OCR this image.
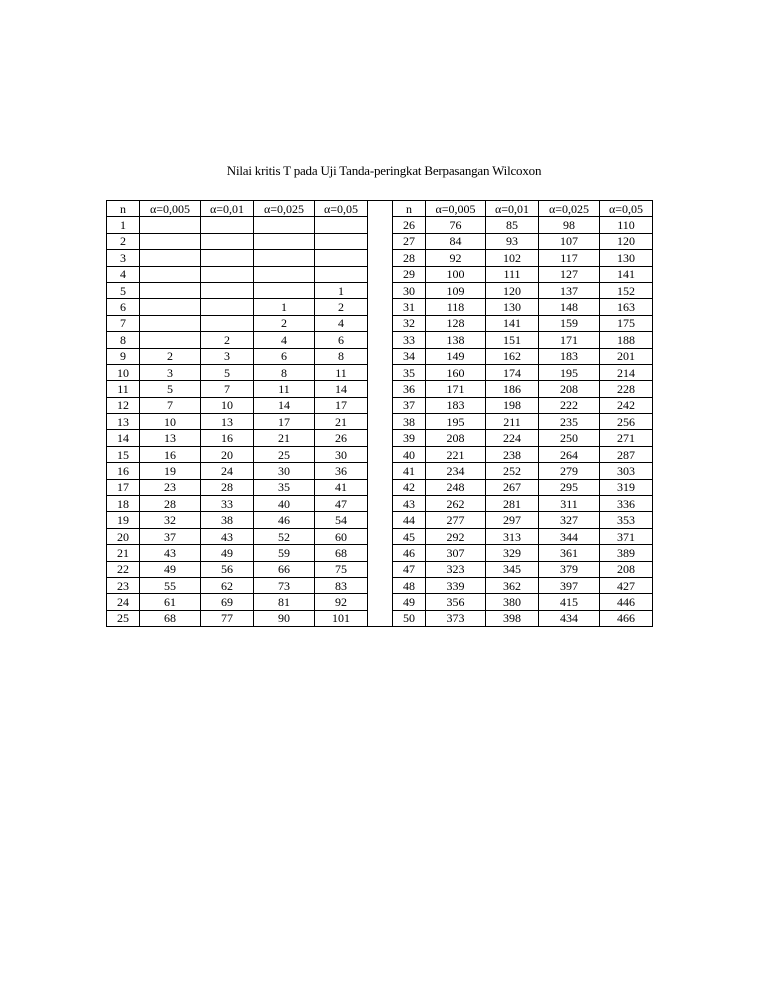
Nilai kritis T pada Uji Tanda-peringkat Berpasangan Wilcoxon
n	α=0,005	α=0,01	α=0,025	α=0,05		n	α=0,005	α=0,01	α=0,025	α=0,05
1						26	76	85	98	110
2						27	84	93	107	120
3						28	92	102	117	130
4						29	100	111	127	141
5				1		30	109	120	137	152
6			1	2		31	118	130	148	163
7			2	4		32	128	141	159	175
8		2	4	6		33	138	151	171	188
9	2	3	6	8		34	149	162	183	201
10	3	5	8	11		35	160	174	195	214
11	5	7	11	14		36	171	186	208	228
12	7	10	14	17		37	183	198	222	242
13	10	13	17	21		38	195	211	235	256
14	13	16	21	26		39	208	224	250	271
15	16	20	25	30		40	221	238	264	287
16	19	24	30	36		41	234	252	279	303
17	23	28	35	41		42	248	267	295	319
18	28	33	40	47		43	262	281	311	336
19	32	38	46	54		44	277	297	327	353
20	37	43	52	60		45	292	313	344	371
21	43	49	59	68		46	307	329	361	389
22	49	56	66	75		47	323	345	379	208
23	55	62	73	83		48	339	362	397	427
24	61	69	81	92		49	356	380	415	446
25	68	77	90	101		50	373	398	434	466
